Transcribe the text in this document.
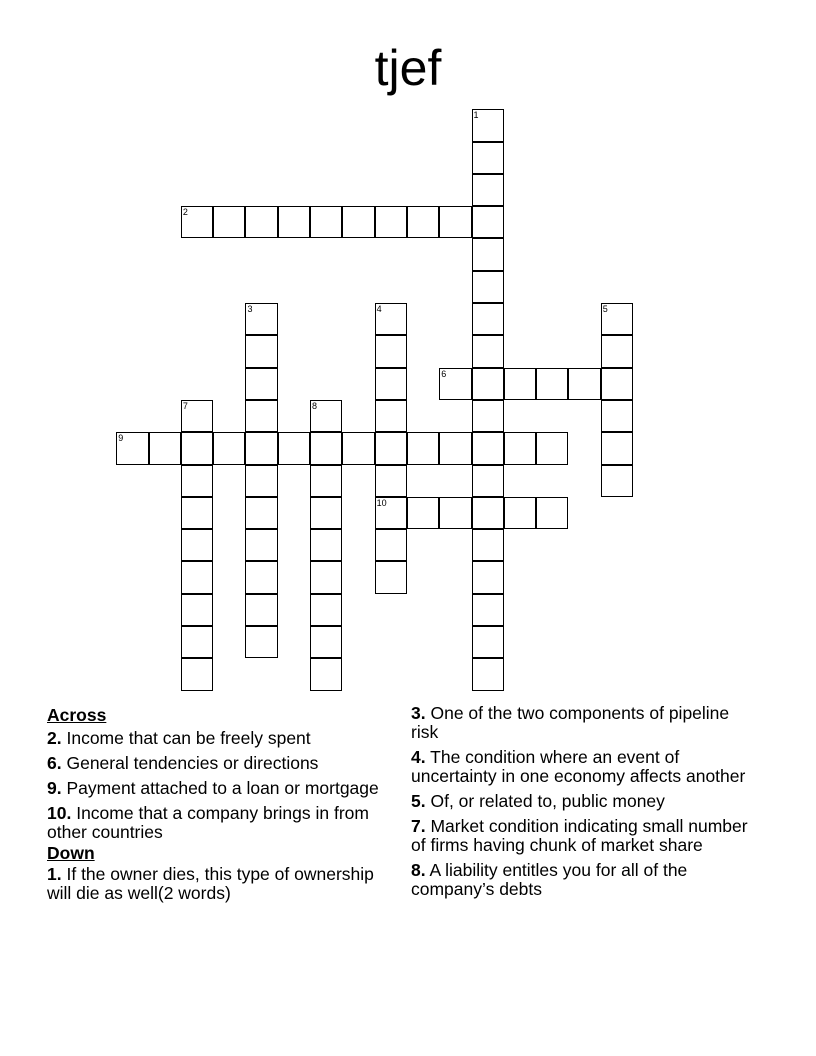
tjef
1
2
3	4
10
5
6
7	8
9
Across
2. Income that can be freely spent
6. General tendencies or directions
9. Payment attached to a loan or mortgage
10. Income that a company brings in from other countries
Down
1. If the owner dies, this type of ownership will die as well(2 words)
3. One of the two components of pipeline risk
4. The condition where an event of uncertainty in one economy affects another
5. Of, or related to, public money
7. Market condition indicating small number of firms having chunk of market share
8. A liability entitles you for all of the company’s debts
